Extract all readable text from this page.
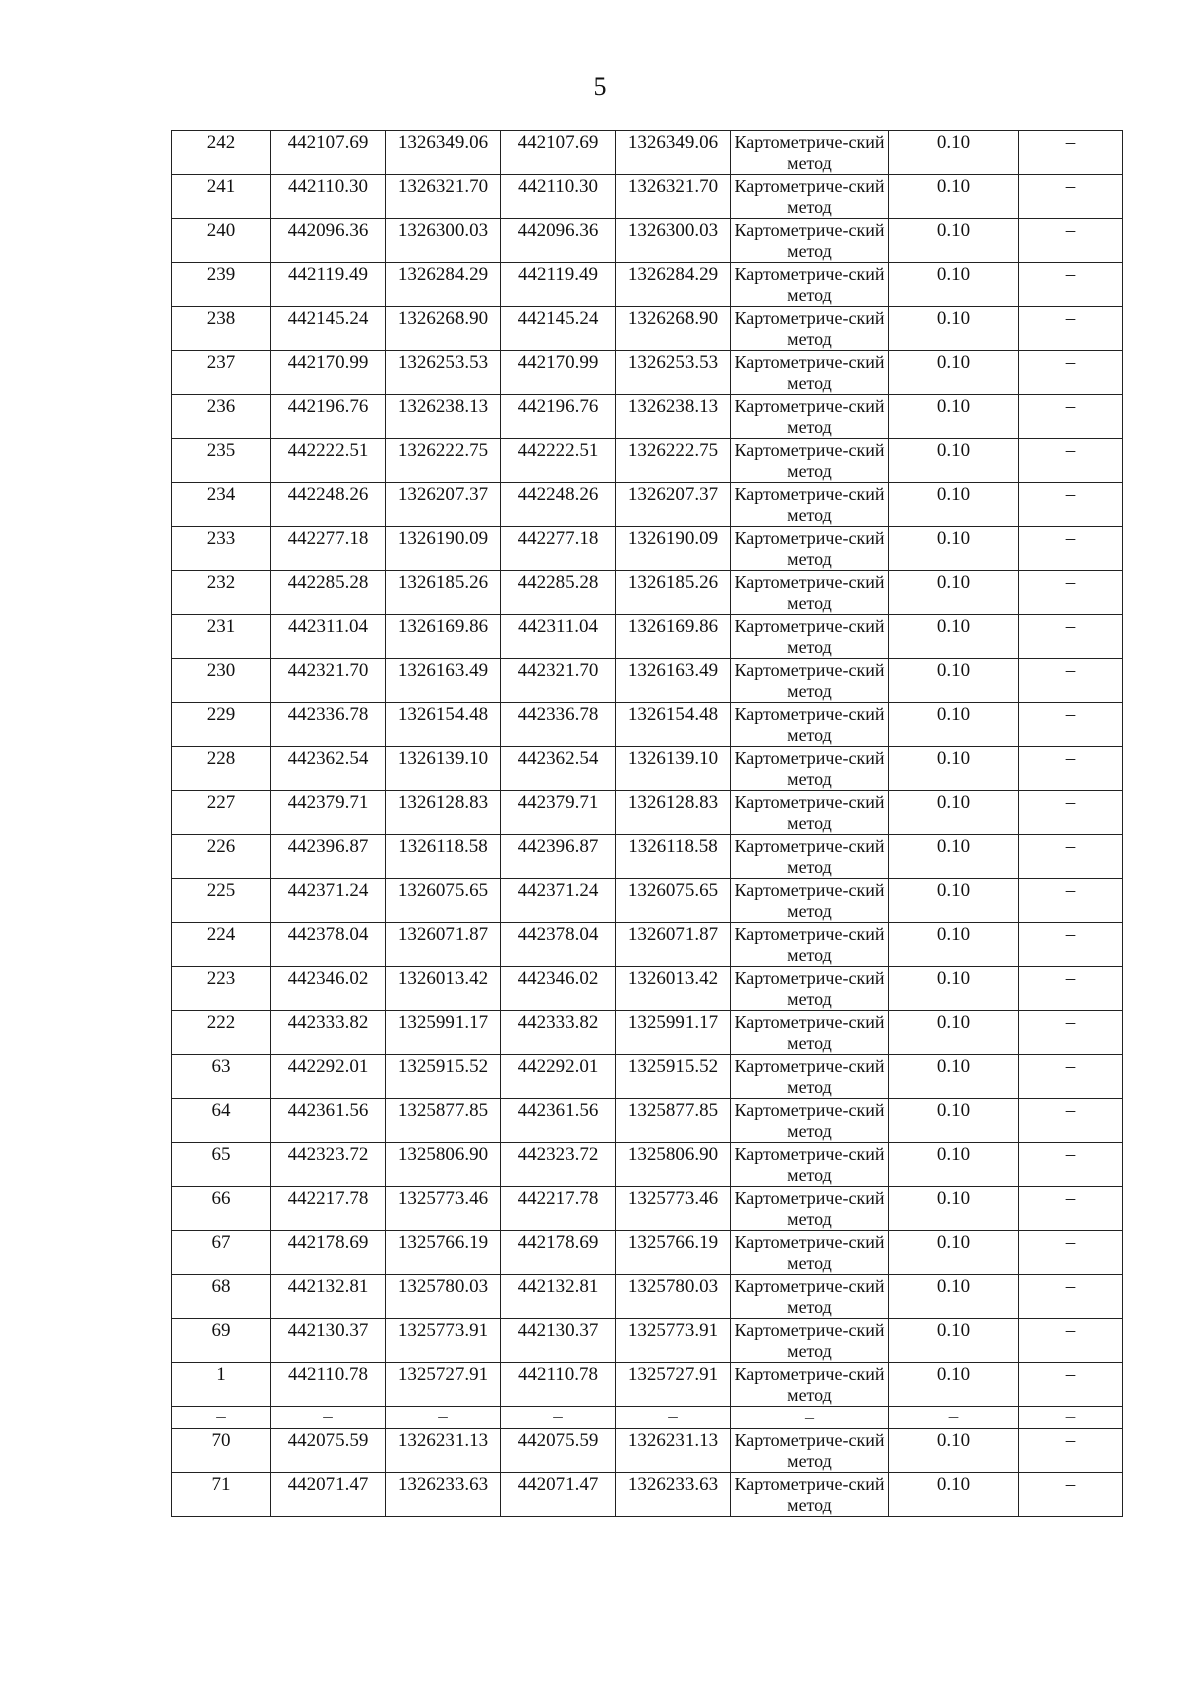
5
242	442107.69	1326349.06	442107.69	1326349.06	Картометриче-ский метод	0.10	–
241	442110.30	1326321.70	442110.30	1326321.70	Картометриче-ский метод	0.10	–
240	442096.36	1326300.03	442096.36	1326300.03	Картометриче-ский метод	0.10	–
239	442119.49	1326284.29	442119.49	1326284.29	Картометриче-ский метод	0.10	–
238	442145.24	1326268.90	442145.24	1326268.90	Картометриче-ский метод	0.10	–
237	442170.99	1326253.53	442170.99	1326253.53	Картометриче-ский метод	0.10	–
236	442196.76	1326238.13	442196.76	1326238.13	Картометриче-ский метод	0.10	–
235	442222.51	1326222.75	442222.51	1326222.75	Картометриче-ский метод	0.10	–
234	442248.26	1326207.37	442248.26	1326207.37	Картометриче-ский метод	0.10	–
233	442277.18	1326190.09	442277.18	1326190.09	Картометриче-ский метод	0.10	–
232	442285.28	1326185.26	442285.28	1326185.26	Картометриче-ский метод	0.10	–
231	442311.04	1326169.86	442311.04	1326169.86	Картометриче-ский метод	0.10	–
230	442321.70	1326163.49	442321.70	1326163.49	Картометриче-ский метод	0.10	–
229	442336.78	1326154.48	442336.78	1326154.48	Картометриче-ский метод	0.10	–
228	442362.54	1326139.10	442362.54	1326139.10	Картометриче-ский метод	0.10	–
227	442379.71	1326128.83	442379.71	1326128.83	Картометриче-ский метод	0.10	–
226	442396.87	1326118.58	442396.87	1326118.58	Картометриче-ский метод	0.10	–
225	442371.24	1326075.65	442371.24	1326075.65	Картометриче-ский метод	0.10	–
224	442378.04	1326071.87	442378.04	1326071.87	Картометриче-ский метод	0.10	–
223	442346.02	1326013.42	442346.02	1326013.42	Картометриче-ский метод	0.10	–
222	442333.82	1325991.17	442333.82	1325991.17	Картометриче-ский метод	0.10	–
63	442292.01	1325915.52	442292.01	1325915.52	Картометриче-ский метод	0.10	–
64	442361.56	1325877.85	442361.56	1325877.85	Картометриче-ский метод	0.10	–
65	442323.72	1325806.90	442323.72	1325806.90	Картометриче-ский метод	0.10	–
66	442217.78	1325773.46	442217.78	1325773.46	Картометриче-ский метод	0.10	–
67	442178.69	1325766.19	442178.69	1325766.19	Картометриче-ский метод	0.10	–
68	442132.81	1325780.03	442132.81	1325780.03	Картометриче-ский метод	0.10	–
69	442130.37	1325773.91	442130.37	1325773.91	Картометриче-ский метод	0.10	–
1	442110.78	1325727.91	442110.78	1325727.91	Картометриче-ский метод	0.10	–
–	–	–	–	–	–	–	–
70	442075.59	1326231.13	442075.59	1326231.13	Картометриче-ский метод	0.10	–
71	442071.47	1326233.63	442071.47	1326233.63	Картометриче-ский метод	0.10	–
